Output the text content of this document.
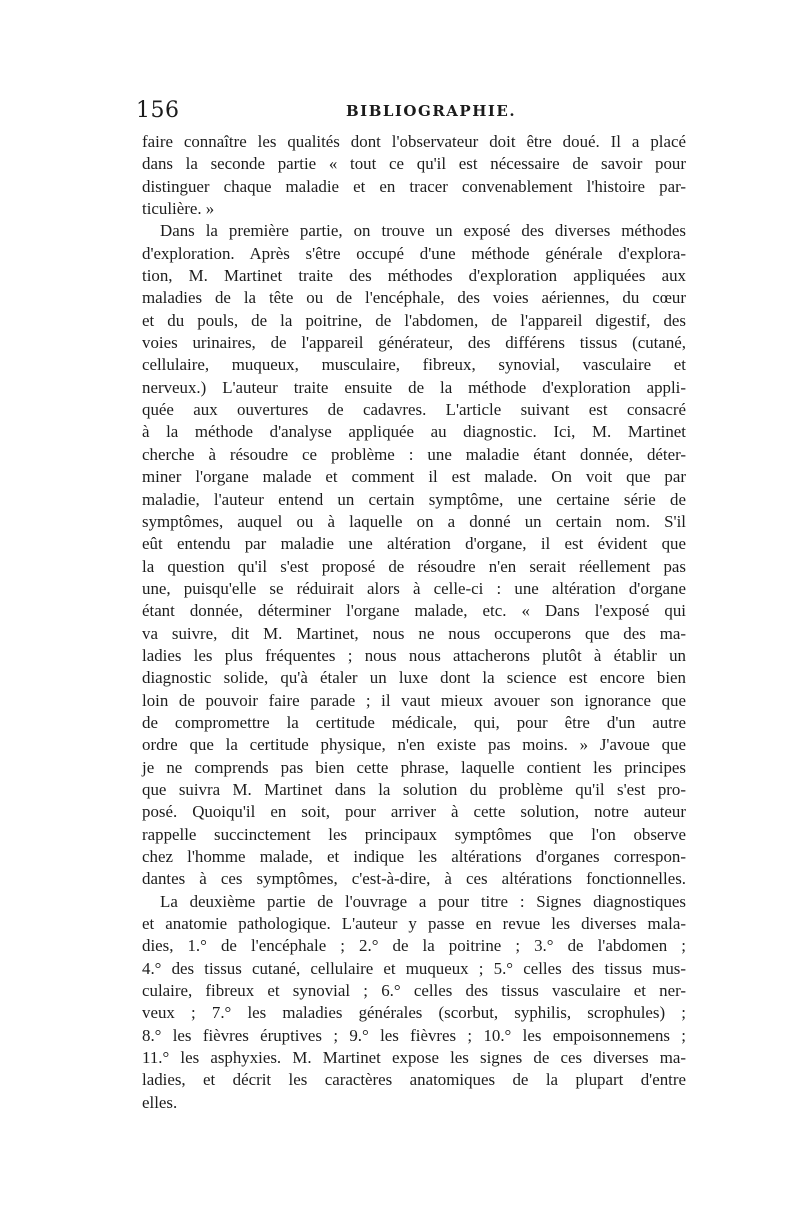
156	BIBLIOGRAPHIE.
faire connaître les qualités dont l'observateur doit être doué. Il a placé
dans la seconde partie « tout ce qu'il est nécessaire de savoir pour
distinguer chaque maladie et en tracer convenablement l'histoire par-
ticulière. »
Dans la première partie, on trouve un exposé des diverses méthodes
d'exploration. Après s'être occupé d'une méthode générale d'explora-
tion, M. Martinet traite des méthodes d'exploration appliquées aux
maladies de la tête ou de l'encéphale, des voies aériennes, du cœur
et du pouls, de la poitrine, de l'abdomen, de l'appareil digestif, des
voies urinaires, de l'appareil générateur, des différens tissus (cutané,
cellulaire, muqueux, musculaire, fibreux, synovial, vasculaire et
nerveux.) L'auteur traite ensuite de la méthode d'exploration appli-
quée aux ouvertures de cadavres. L'article suivant est consacré
à la méthode d'analyse appliquée au diagnostic. Ici, M. Martinet
cherche à résoudre ce problème : une maladie étant donnée, déter-
miner l'organe malade et comment il est malade. On voit que par
maladie, l'auteur entend un certain symptôme, une certaine série de
symptômes, auquel ou à laquelle on a donné un certain nom. S'il
eût entendu par maladie une altération d'organe, il est évident que
la question qu'il s'est proposé de résoudre n'en serait réellement pas
une, puisqu'elle se réduirait alors à celle-ci : une altération d'organe
étant donnée, déterminer l'organe malade, etc. « Dans l'exposé qui
va suivre, dit M. Martinet, nous ne nous occuperons que des ma-
ladies les plus fréquentes ; nous nous attacherons plutôt à établir un
diagnostic solide, qu'à étaler un luxe dont la science est encore bien
loin de pouvoir faire parade ; il vaut mieux avouer son ignorance que
de compromettre la certitude médicale, qui, pour être d'un autre
ordre que la certitude physique, n'en existe pas moins. » J'avoue que
je ne comprends pas bien cette phrase, laquelle contient les principes
que suivra M. Martinet dans la solution du problème qu'il s'est pro-
posé. Quoiqu'il en soit, pour arriver à cette solution, notre auteur
rappelle succinctement les principaux symptômes que l'on observe
chez l'homme malade, et indique les altérations d'organes correspon-
dantes à ces symptômes, c'est-à-dire, à ces altérations fonctionnelles.
La deuxième partie de l'ouvrage a pour titre : Signes diagnostiques
et anatomie pathologique. L'auteur y passe en revue les diverses mala-
dies, 1.° de l'encéphale ; 2.° de la poitrine ; 3.° de l'abdomen ;
4.° des tissus cutané, cellulaire et muqueux ; 5.° celles des tissus mus-
culaire, fibreux et synovial ; 6.° celles des tissus vasculaire et ner-
veux ; 7.° les maladies générales (scorbut, syphilis, scrophules) ;
8.° les fièvres éruptives ; 9.° les fièvres ; 10.° les empoisonnemens ;
11.° les asphyxies. M. Martinet expose les signes de ces diverses ma-
ladies, et décrit les caractères anatomiques de la plupart d'entre
elles.
